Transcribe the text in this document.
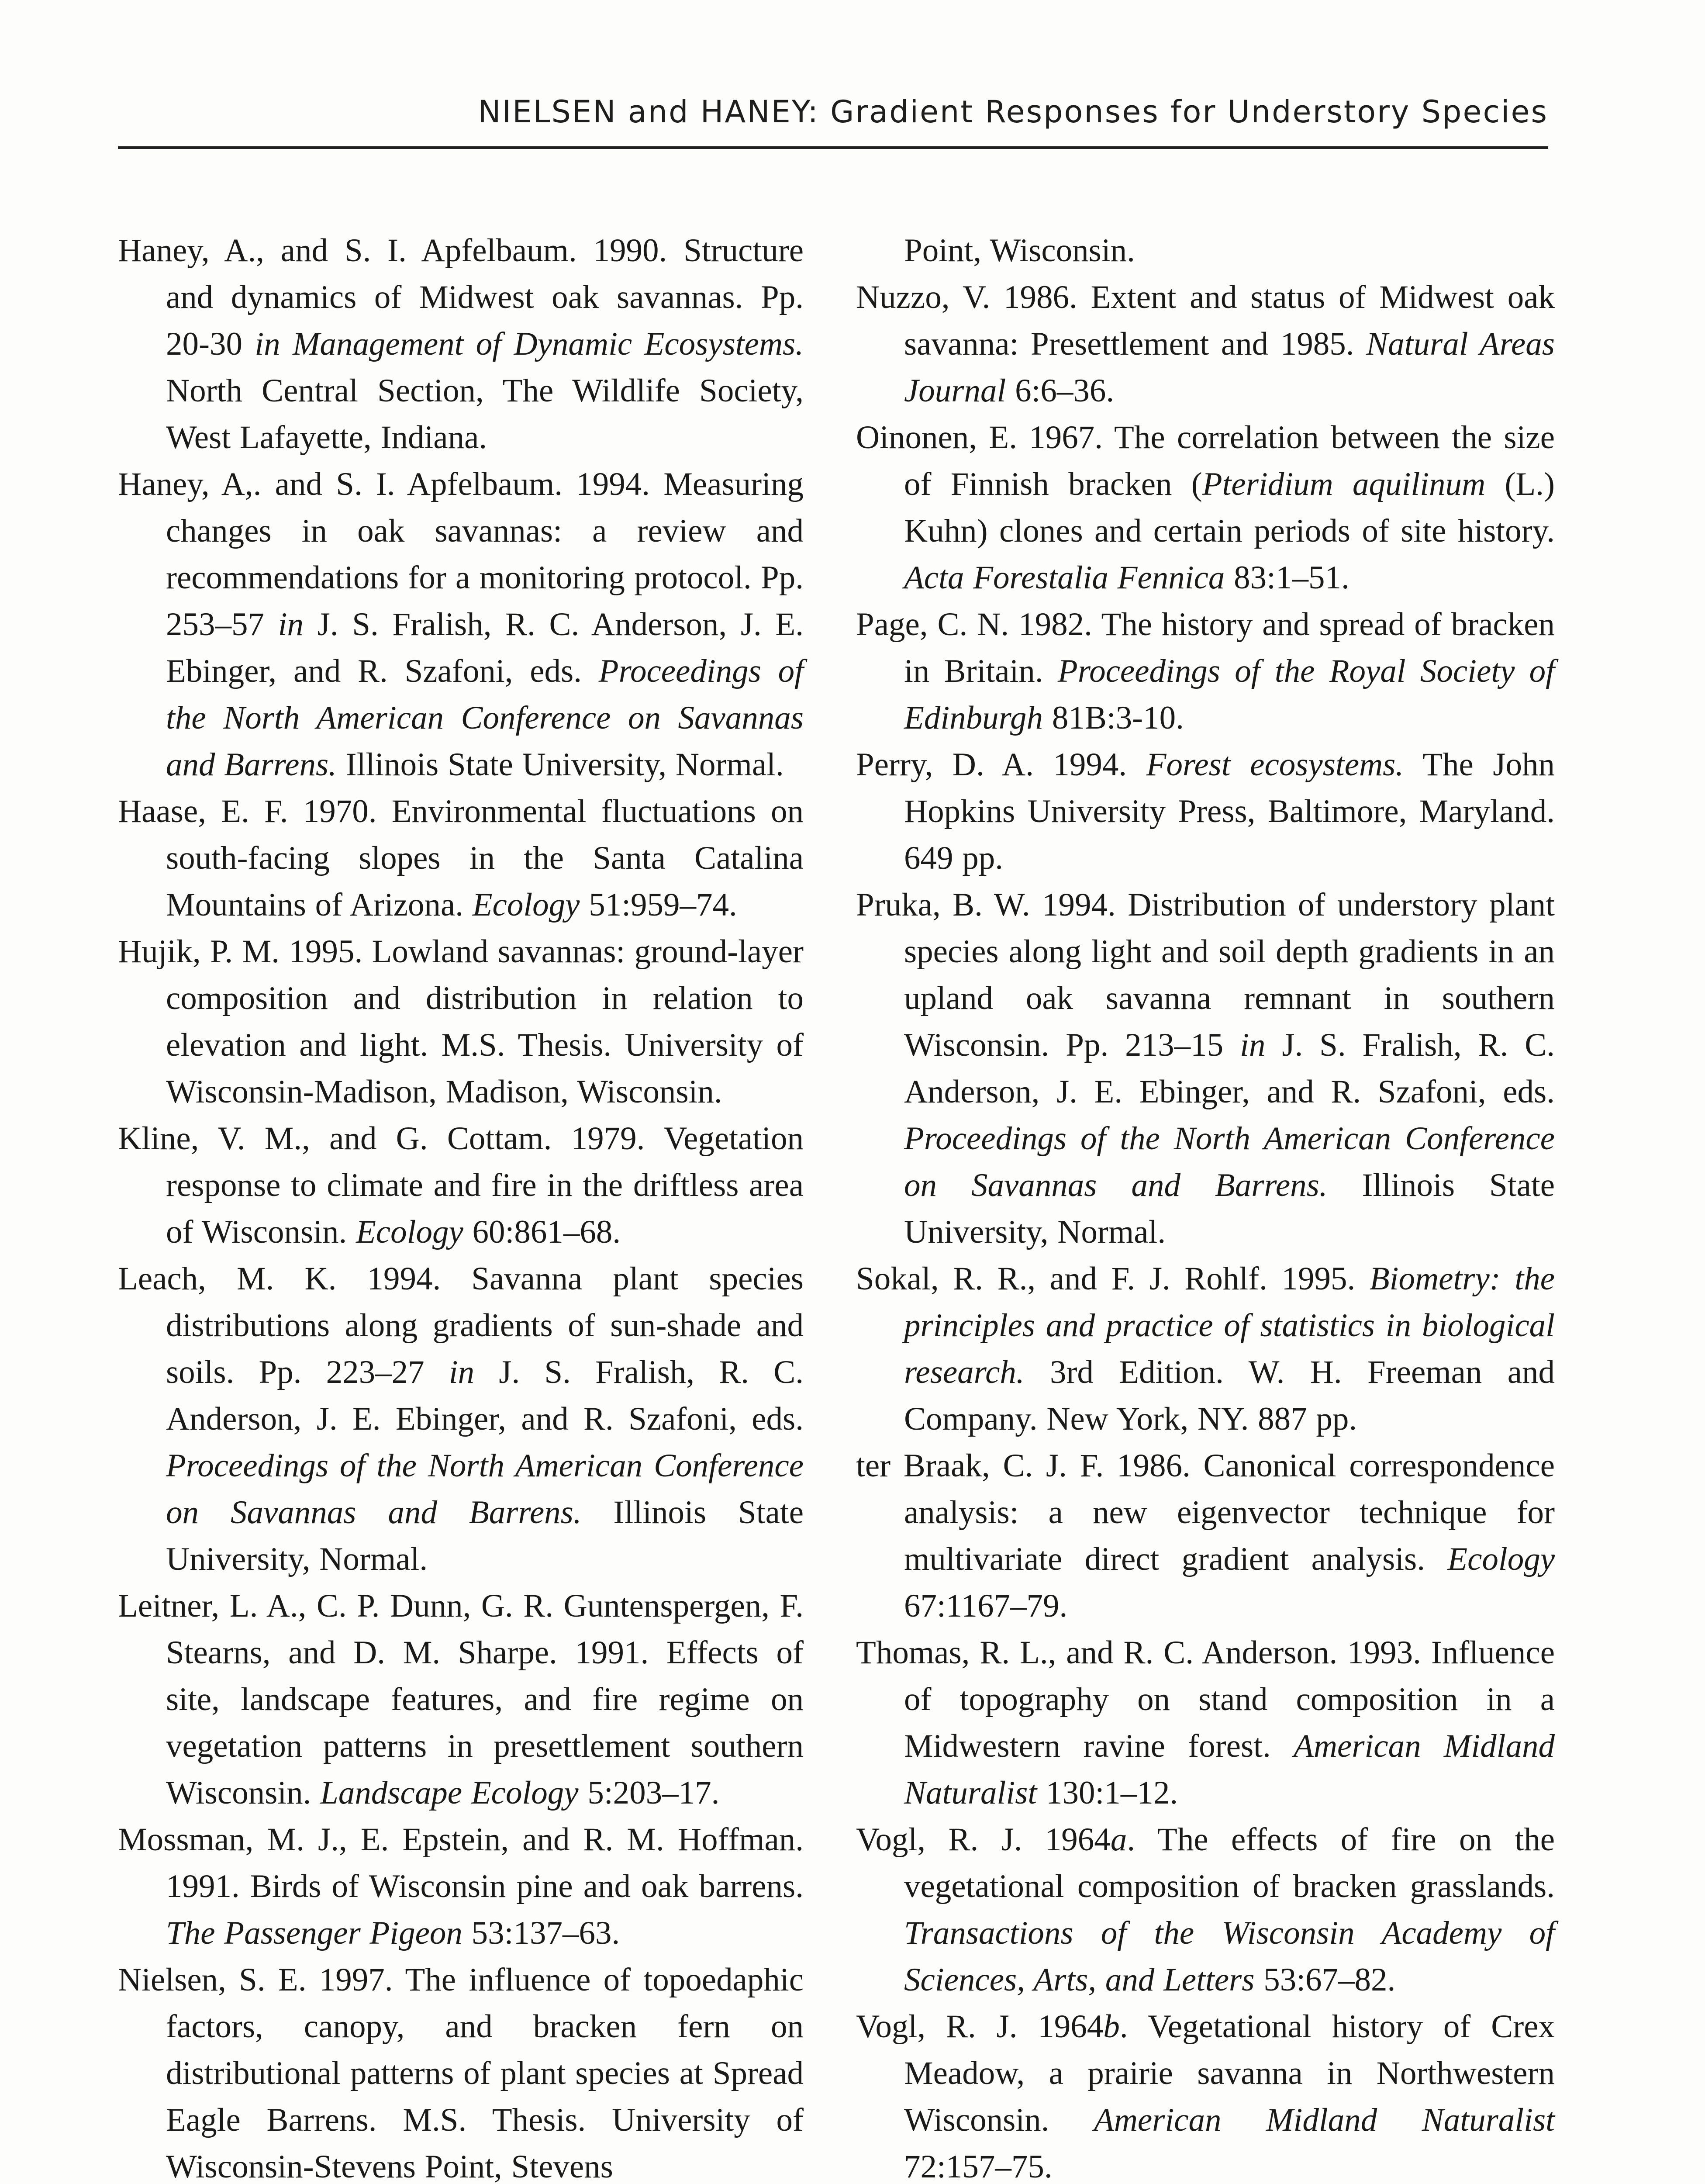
NIELSEN and HANEY: Gradient Responses for Understory Species

Haney, A., and S. I. Apfelbaum. 1990. Structure and dynamics of Midwest oak savannas. Pp. 20-30 in Management of Dynamic Ecosystems. North Central Section, The Wildlife Society, West Lafayette, Indiana.

Haney, A,. and S. I. Apfelbaum. 1994. Measuring changes in oak savannas: a review and recommendations for a monitoring protocol. Pp. 253–57 in J. S. Fralish, R. C. Anderson, J. E. Ebinger, and R. Szafoni, eds. Proceedings of the North American Conference on Savannas and Barrens. Illinois State University, Normal.

Haase, E. F. 1970. Environmental fluctuations on south-facing slopes in the Santa Catalina Mountains of Arizona. Ecology 51:959–74.

Hujik, P. M. 1995. Lowland savannas: ground-layer composition and distribution in relation to elevation and light. M.S. Thesis. University of Wisconsin-Madison, Madison, Wisconsin.

Kline, V. M., and G. Cottam. 1979. Vegetation response to climate and fire in the driftless area of Wisconsin. Ecology 60:861–68.

Leach, M. K. 1994. Savanna plant species distributions along gradients of sun-shade and soils. Pp. 223–27 in J. S. Fralish, R. C. Anderson, J. E. Ebinger, and R. Szafoni, eds. Proceedings of the North American Conference on Savannas and Barrens. Illinois State University, Normal.

Leitner, L. A., C. P. Dunn, G. R. Guntenspergen, F. Stearns, and D. M. Sharpe. 1991. Effects of site, landscape features, and fire regime on vegetation patterns in presettlement southern Wisconsin. Landscape Ecology 5:203–17.

Mossman, M. J., E. Epstein, and R. M. Hoffman. 1991. Birds of Wisconsin pine and oak barrens. The Passenger Pigeon 53:137–63.

Nielsen, S. E. 1997. The influence of topoedaphic factors, canopy, and bracken fern on distributional patterns of plant species at Spread Eagle Barrens. M.S. Thesis. University of Wisconsin-Stevens Point, Stevens

Point, Wisconsin.

Nuzzo, V. 1986. Extent and status of Midwest oak savanna: Presettlement and 1985. Natural Areas Journal 6:6–36.

Oinonen, E. 1967. The correlation between the size of Finnish bracken (Pteridium aquilinum (L.) Kuhn) clones and certain periods of site history. Acta Forestalia Fennica 83:1–51.

Page, C. N. 1982. The history and spread of bracken in Britain. Proceedings of the Royal Society of Edinburgh 81B:3-10.

Perry, D. A. 1994. Forest ecosystems. The John Hopkins University Press, Baltimore, Maryland. 649 pp.

Pruka, B. W. 1994. Distribution of understory plant species along light and soil depth gradients in an upland oak savanna remnant in southern Wisconsin. Pp. 213–15 in J. S. Fralish, R. C. Anderson, J. E. Ebinger, and R. Szafoni, eds. Proceedings of the North American Conference on Savannas and Barrens. Illinois State University, Normal.

Sokal, R. R., and F. J. Rohlf. 1995. Biometry: the principles and practice of statistics in biological research. 3rd Edition. W. H. Freeman and Company. New York, NY. 887 pp.

ter Braak, C. J. F. 1986. Canonical correspondence analysis: a new eigenvector technique for multivariate direct gradient analysis. Ecology 67:1167–79.

Thomas, R. L., and R. C. Anderson. 1993. Influence of topography on stand composition in a Midwestern ravine forest. American Midland Naturalist 130:1–12.

Vogl, R. J. 1964a. The effects of fire on the vegetational composition of bracken grasslands. Transactions of the Wisconsin Academy of Sciences, Arts, and Letters 53:67–82.

Vogl, R. J. 1964b. Vegetational history of Crex Meadow, a prairie savanna in Northwestern Wisconsin. American Midland Naturalist 72:157–75.
